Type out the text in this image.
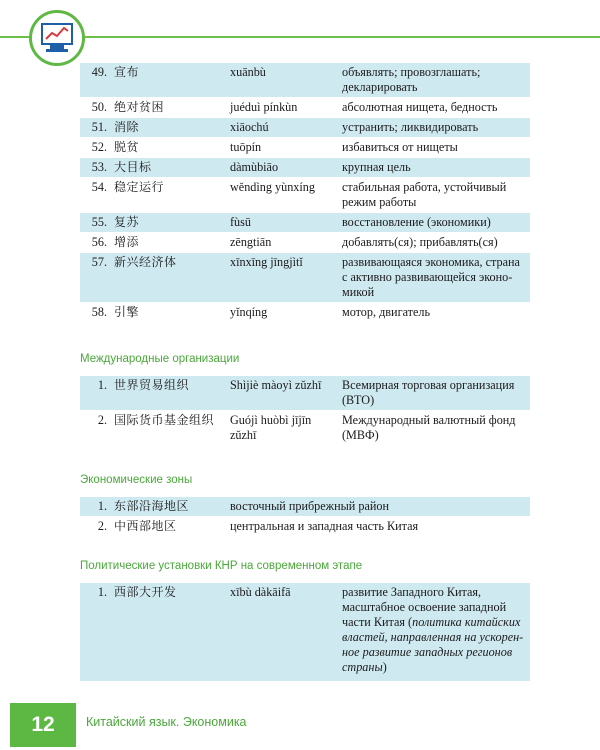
49.	宣布	xuānbù	объявлять; провозглашать; декларировать
50.	绝对贫困	juéduì pínkùn	абсолютная нищета, бедность
51.	消除	xiāochú	устранить; ликвидировать
52.	脱贫	tuōpín	избавиться от нищеты
53.	大目标	dàmùbiāo	крупная цель
54.	稳定运行	wěndìng yùnxíng	стабильная работа, устойчивый режим работы
55.	复苏	fùsū	восстановление (экономики)
56.	增添	zēngtiān	добавлять(ся); прибавлять(ся)
57.	新兴经济体	xīnxīng jīngjìtǐ	развивающаяся экономика, страна с активно развивающейся эконо-микой
58.	引擎	yǐnqíng	мотор, двигатель
Международные организации
1.	世界贸易组织	Shìjiè màoyì zǔzhī	Всемирная торговая организация (ВТО)
2.	国际货币基金组织	Guójì huòbì jījīn zǔzhī	Международный валютный фонд (МВФ)
Экономические зоны
1.	东部沿海地区	восточный прибрежный район
2.	中西部地区	центральная и западная часть Китая
Политические установки КНР на современном этапе
1.	西部大开发	xībù dàkāifā	развитие Западного Китая, масштабное освоение западной части Китая (политика китайских властей, направленная на ускорен-ное развитие западных регионов страны)
12	Китайский язык. Экономика
